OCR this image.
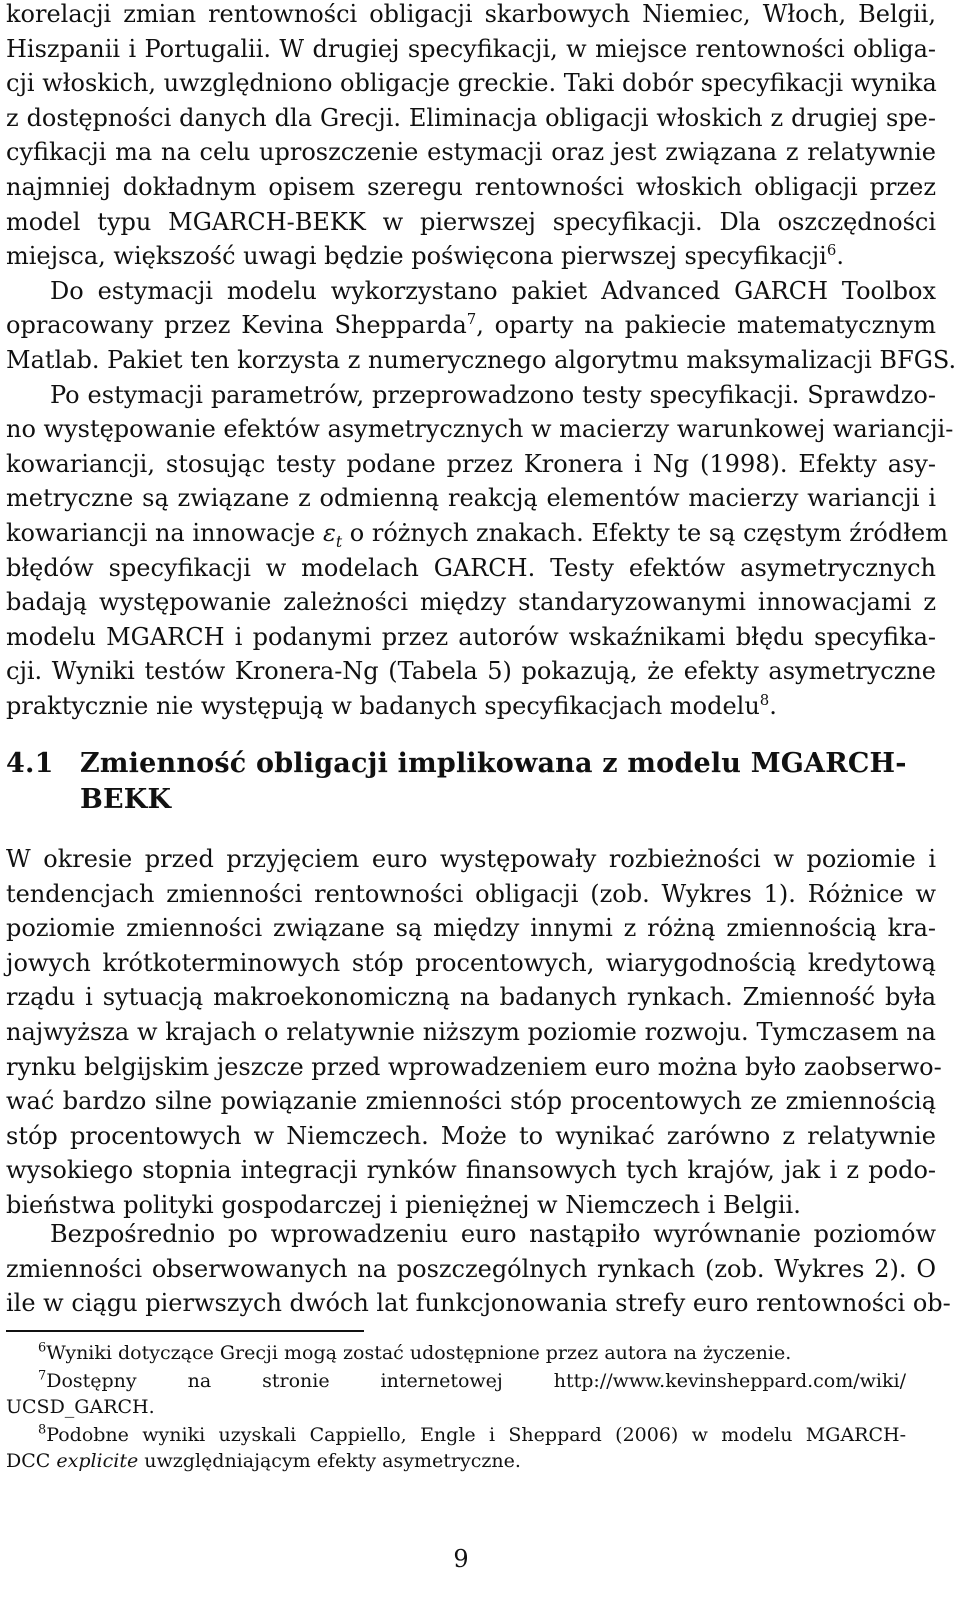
korelacji zmian rentowności obligacji skarbowych Niemiec, Włoch, Belgii,
Hiszpanii i Portugalii. W drugiej specyfikacji, w miejsce rentowności obliga-
cji włoskich, uwzględniono obligacje greckie. Taki dobór specyfikacji wynika
z dostępności danych dla Grecji. Eliminacja obligacji włoskich z drugiej spe-
cyfikacji ma na celu uproszczenie estymacji oraz jest związana z relatywnie
najmniej dokładnym opisem szeregu rentowności włoskich obligacji przez
model typu MGARCH-BEKK w pierwszej specyfikacji. Dla oszczędności
miejsca, większość uwagi będzie poświęcona pierwszej specyfikacji$^6$.
Do estymacji modelu wykorzystano pakiet Advanced GARCH Toolbox
opracowany przez Kevina Shepparda$^7$, oparty na pakiecie matematycznym
Matlab. Pakiet ten korzysta z numerycznego algorytmu maksymalizacji BFGS.
Po estymacji parametrów, przeprowadzono testy specyfikacji. Sprawdzo-
no występowanie efektów asymetrycznych w macierzy warunkowej wariancji-
kowariancji, stosując testy podane przez Kronera i Ng (1998). Efekty asy-
metryczne są związane z odmienną reakcją elementów macierzy wariancji i
kowariancji na innowacje $\varepsilon_t$ o różnych znakach. Efekty te są częstym źródłem
błędów specyfikacji w modelach GARCH. Testy efektów asymetrycznych
badają występowanie zależności między standaryzowanymi innowacjami z
modelu MGARCH i podanymi przez autorów wskaźnikami błędu specyfika-
cji. Wyniki testów Kronera-Ng (Tabela 5) pokazują, że efekty asymetryczne
praktycznie nie występują w badanych specyfikacjach modelu$^8$.
4.1 Zmienność obligacji implikowana z modelu MGARCH-
BEKK
W okresie przed przyjęciem euro występowały rozbieżności w poziomie i
tendencjach zmienności rentowności obligacji (zob. Wykres 1). Różnice w
poziomie zmienności związane są między innymi z różną zmiennością kra-
jowych krótkoterminowych stóp procentowych, wiarygodnością kredytową
rządu i sytuacją makroekonomiczną na badanych rynkach. Zmienność była
najwyższa w krajach o relatywnie niższym poziomie rozwoju. Tymczasem na
rynku belgijskim jeszcze przed wprowadzeniem euro można było zaobserwo-
wać bardzo silne powiązanie zmienności stóp procentowych ze zmiennością
stóp procentowych w Niemczech. Może to wynikać zarówno z relatywnie
wysokiego stopnia integracji rynków finansowych tych krajów, jak i z podo-
bieństwa polityki gospodarczej i pieniężnej w Niemczech i Belgii.
Bezpośrednio po wprowadzeniu euro nastąpiło wyrównanie poziomów
zmienności obserwowanych na poszczególnych rynkach (zob. Wykres 2). O
ile w ciągu pierwszych dwóch lat funkcjonowania strefy euro rentowności ob-
$^6$Wyniki dotyczące Grecji mogą zostać udostępnione przez autora na życzenie.
$^7$Dostępny na stronie internetowej http://www.kevinsheppard.com/wiki/
UCSD_GARCH.
$^8$Podobne wyniki uzyskali Cappiello, Engle i Sheppard (2006) w modelu MGARCH-
DCC explicite uwzględniającym efekty asymetryczne.
9
